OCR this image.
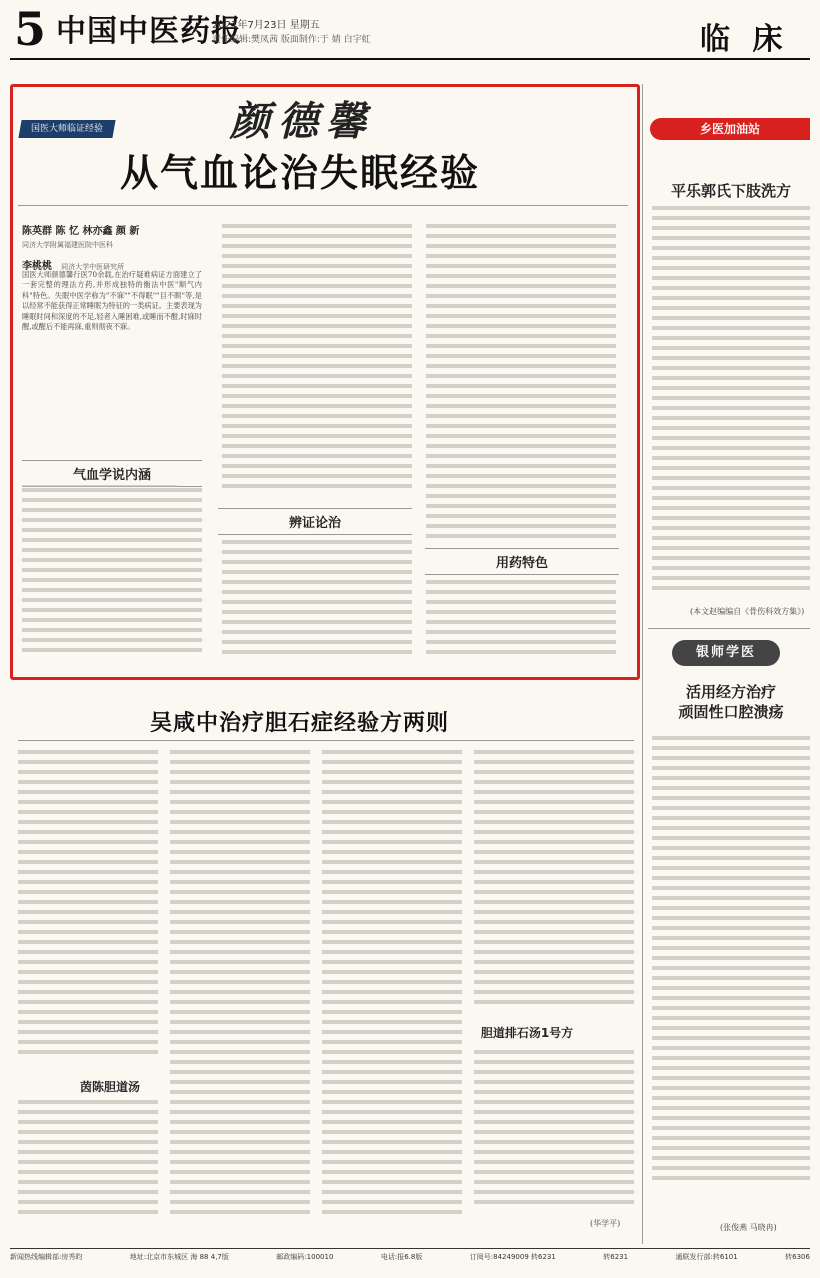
5 中国中医药报
2021年7月23日 星期五
责任编辑:樊凤茜 版面制作:于 婧 白宇虹	临 床
国医大师临证经验	颜德馨
从气血论治失眠经验
陈英群 陈 忆 林亦鑫 颜 新
同济大学附属福建医院中医科
李桃桃 同济大学中医研究所
国医大师颜德馨行医70余载,在治疗疑难病证方面建立了一套完整的理法方药,并形成独特的衡法中医"顺气内科"特色。失眠中医学称为"不寐""不得眠""目不瞑"等,是以经常不能获得正常睡眠为特征的一类病证。主要表现为睡眠时间和深度的不足,轻者入睡困难,或睡而不酣,时寐时醒,或醒后不能再寐,重则彻夜不寐。
气血学说内涵
辨证论治
用药特色
乡医加油站
平乐郭氏下肢洗方
(本文赵编编自《骨伤科效方集》)
银师学医
活用经方治疗
顽固性口腔溃疡
(张俊燕 马晓冉)
吴咸中治疗胆石症经验方两则
茵陈胆道汤
胆道排石汤1号方
(华学平)
新闻热线编辑部:房秀昀	地址:北京市东城区 海 88 4,7版	邮政编码:100010	电话:报6.8版	订阅号:84249009 转6231	转6231	通联发行部:转6101	转6306
